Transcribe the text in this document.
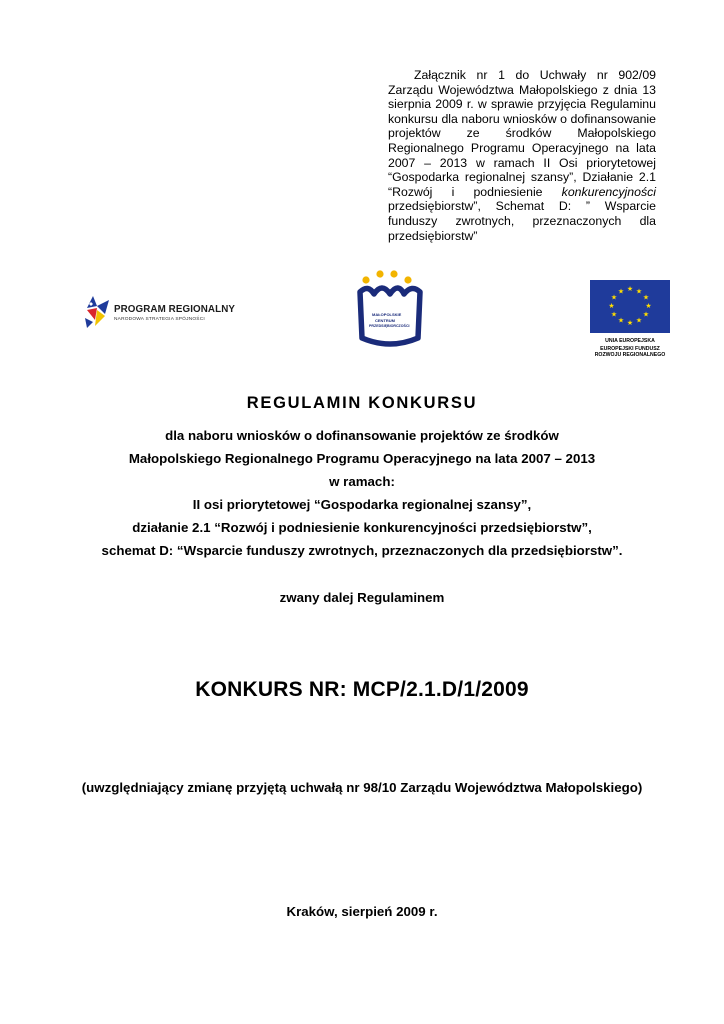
Załącznik nr 1 do Uchwały nr 902/09 Zarządu Województwa Małopolskiego z dnia 13 sierpnia 2009 r. w sprawie przyjęcia Regulaminu konkursu dla naboru wniosków o dofinansowanie projektów ze środków Małopolskiego Regionalnego Programu Operacyjnego na lata 2007 – 2013 w ramach II Osi priorytetowej “Gospodarka regionalnej szansy”, Działanie 2.1 “Rozwój i podniesienie konkurencyjności przedsiębiorstw”, Schemat D: ” Wsparcie funduszy zwrotnych, przeznaczonych dla przedsiębiorstw”
PROGRAM REGIONALNY
NARODOWA STRATEGIA SPÓJNOŚCI
MAŁOPOLSKIE
CENTRUM
PRZEDSIĘBIORCZOŚCI
★ ★
★
★
★
★
★
★
★
★
★
★
UNIA EUROPEJSKA
EUROPEJSKI FUNDUSZ
ROZWOJU REGIONALNEGO
REGULAMIN KONKURSU
dla naboru wniosków o dofinansowanie projektów ze środków
Małopolskiego Regionalnego Programu Operacyjnego na lata 2007 – 2013
w ramach:
II osi priorytetowej “Gospodarka regionalnej szansy”,
działanie 2.1 “Rozwój i podniesienie konkurencyjności przedsiębiorstw”,
schemat D: “Wsparcie funduszy zwrotnych, przeznaczonych dla przedsiębiorstw”.
zwany dalej Regulaminem
KONKURS NR: MCP/2.1.D/1/2009
(uwzględniający zmianę przyjętą uchwałą nr 98/10 Zarządu Województwa Małopolskiego)
Kraków, sierpień 2009 r.
